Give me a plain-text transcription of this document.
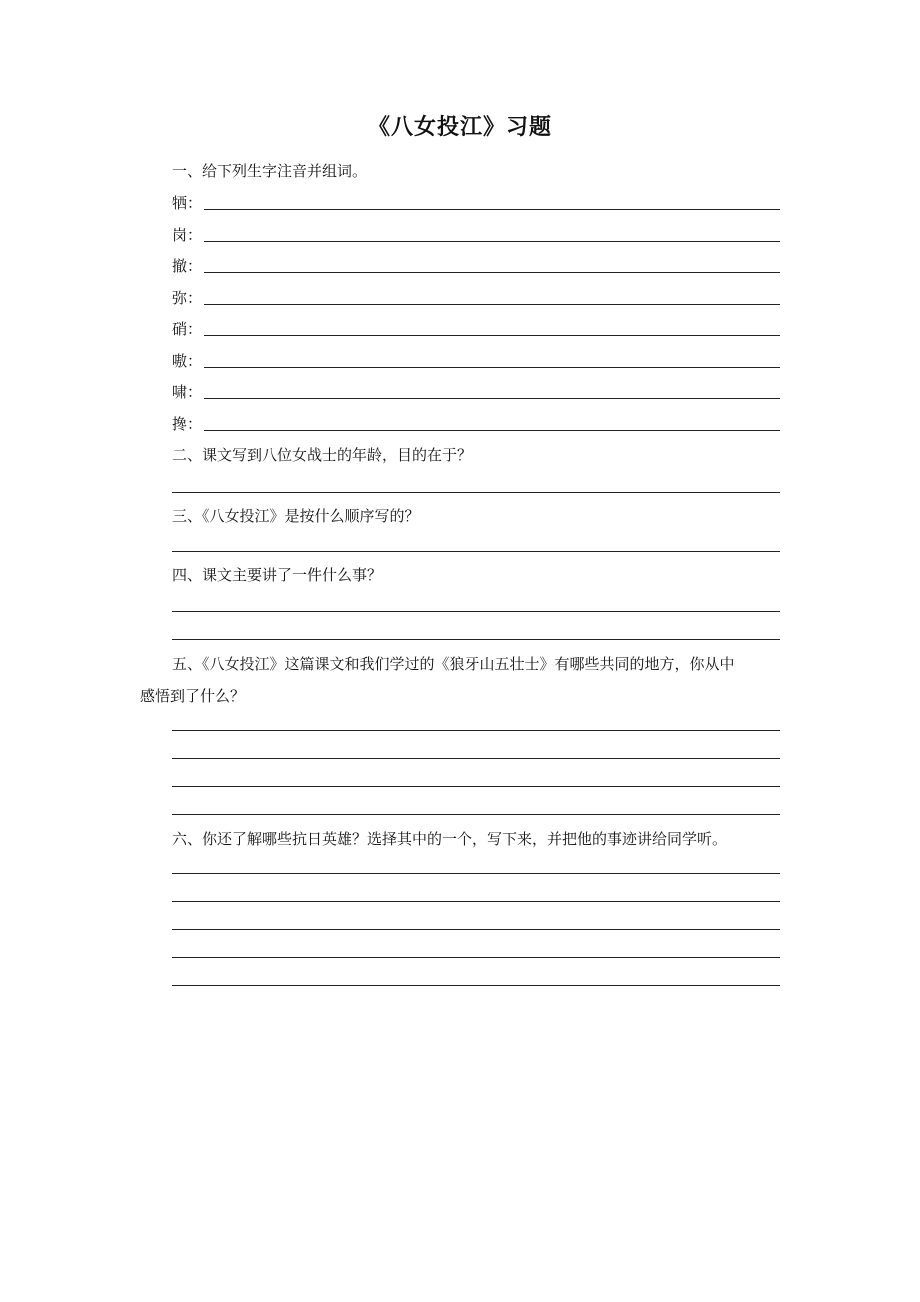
《八女投江》习题
一、给下列生字注音并组词。
牺：
岗：
撤：
弥：
硝：
嗷：
啸：
搀：
二、课文写到八位女战士的年龄，目的在于？
三、《八女投江》是按什么顺序写的？
四、课文主要讲了一件什么事？
五、《八女投江》这篇课文和我们学过的《狼牙山五壮士》有哪些共同的地方，你从中
感悟到了什么？
六、你还了解哪些抗日英雄？选择其中的一个，写下来，并把他的事迹讲给同学听。
